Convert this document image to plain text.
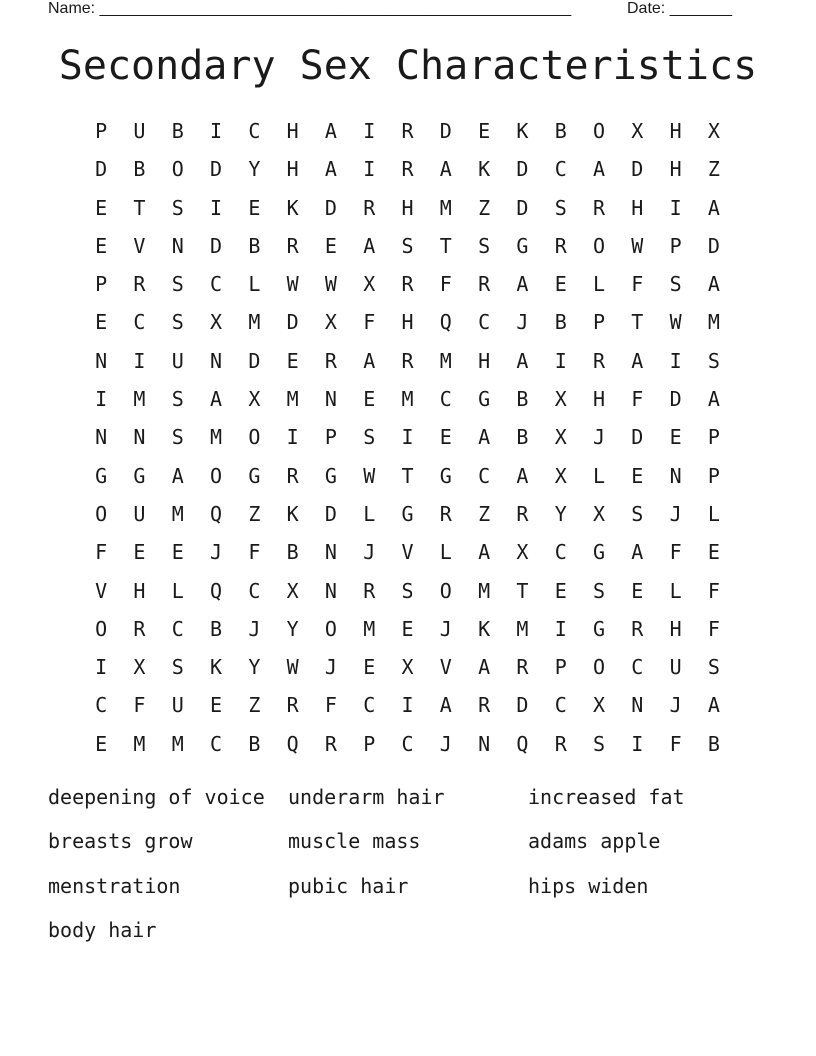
Name: _____________________________________________________	Date: _______
Secondary Sex Characteristics
P	U	B	I	C	H	A	I	R	D	E	K	B	O	X	H	X
D	B	O	D	Y	H	A	I	R	A	K	D	C	A	D	H	Z
E	T	S	I	E	K	D	R	H	M	Z	D	S	R	H	I	A
E	V	N	D	B	R	E	A	S	T	S	G	R	O	W	P	D
P	R	S	C	L	W	W	X	R	F	R	A	E	L	F	S	A
E	C	S	X	M	D	X	F	H	Q	C	J	B	P	T	W	M
N	I	U	N	D	E	R	A	R	M	H	A	I	R	A	I	S
I	M	S	A	X	M	N	E	M	C	G	B	X	H	F	D	A
N	N	S	M	O	I	P	S	I	E	A	B	X	J	D	E	P
G	G	A	O	G	R	G	W	T	G	C	A	X	L	E	N	P
O	U	M	Q	Z	K	D	L	G	R	Z	R	Y	X	S	J	L
F	E	E	J	F	B	N	J	V	L	A	X	C	G	A	F	E
V	H	L	Q	C	X	N	R	S	O	M	T	E	S	E	L	F
O	R	C	B	J	Y	O	M	E	J	K	M	I	G	R	H	F
I	X	S	K	Y	W	J	E	X	V	A	R	P	O	C	U	S
C	F	U	E	Z	R	F	C	I	A	R	D	C	X	N	J	A
E	M	M	C	B	Q	R	P	C	J	N	Q	R	S	I	F	B
deepening of voice	underarm hair	increased fat
breasts grow	muscle mass	adams apple
menstration	pubic hair	hips widen
body hair
